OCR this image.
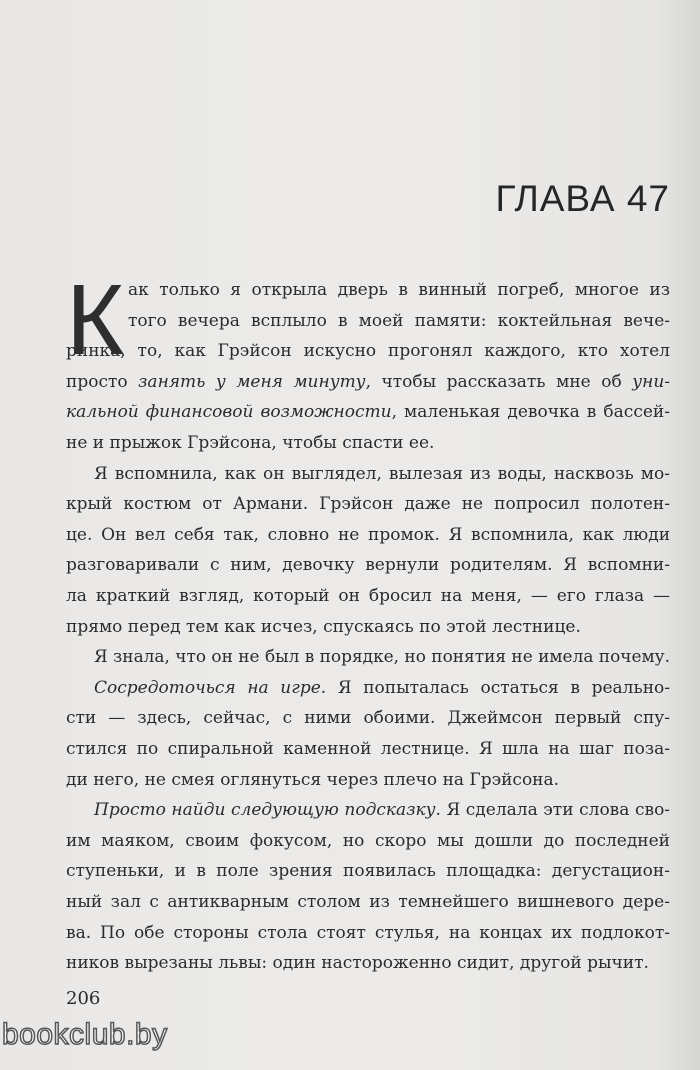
ГЛАВА 47
К ак только я открыла дверь в винный погреб, многое из
того вечера всплыло в моей памяти: коктейльная вече-
ринка, то, как Грэйсон искусно прогонял каждого, кто хотел
просто занять у меня минуту, чтобы рассказать мне об уни-
кальной финансовой возможности, маленькая девочка в бассей-
не и прыжок Грэйсона, чтобы спасти ее.
Я вспомнила, как он выглядел, вылезая из воды, насквозь мо-
крый костюм от Армани. Грэйсон даже не попросил полотен-
це. Он вел себя так, словно не промок. Я вспомнила, как люди
разговаривали с ним, девочку вернули родителям. Я вспомни-
ла краткий взгляд, который он бросил на меня, — его глаза —
прямо перед тем как исчез, спускаясь по этой лестнице.
Я знала, что он не был в порядке, но понятия не имела почему.
Сосредоточься на игре. Я попыталась остаться в реально-
сти — здесь, сейчас, с ними обоими. Джеймсон первый спу-
стился по спиральной каменной лестнице. Я шла на шаг поза-
ди него, не смея оглянуться через плечо на Грэйсона.
Просто найди следующую подсказку. Я сделала эти слова сво-
им маяком, своим фокусом, но скоро мы дошли до последней
ступеньки, и в поле зрения появилась площадка: дегустацион-
ный зал с антикварным столом из темнейшего вишневого дере-
ва. По обе стороны стола стоят стулья, на концах их подлокот-
ников вырезаны львы: один настороженно сидит, другой рычит.
206
bookclub.by
